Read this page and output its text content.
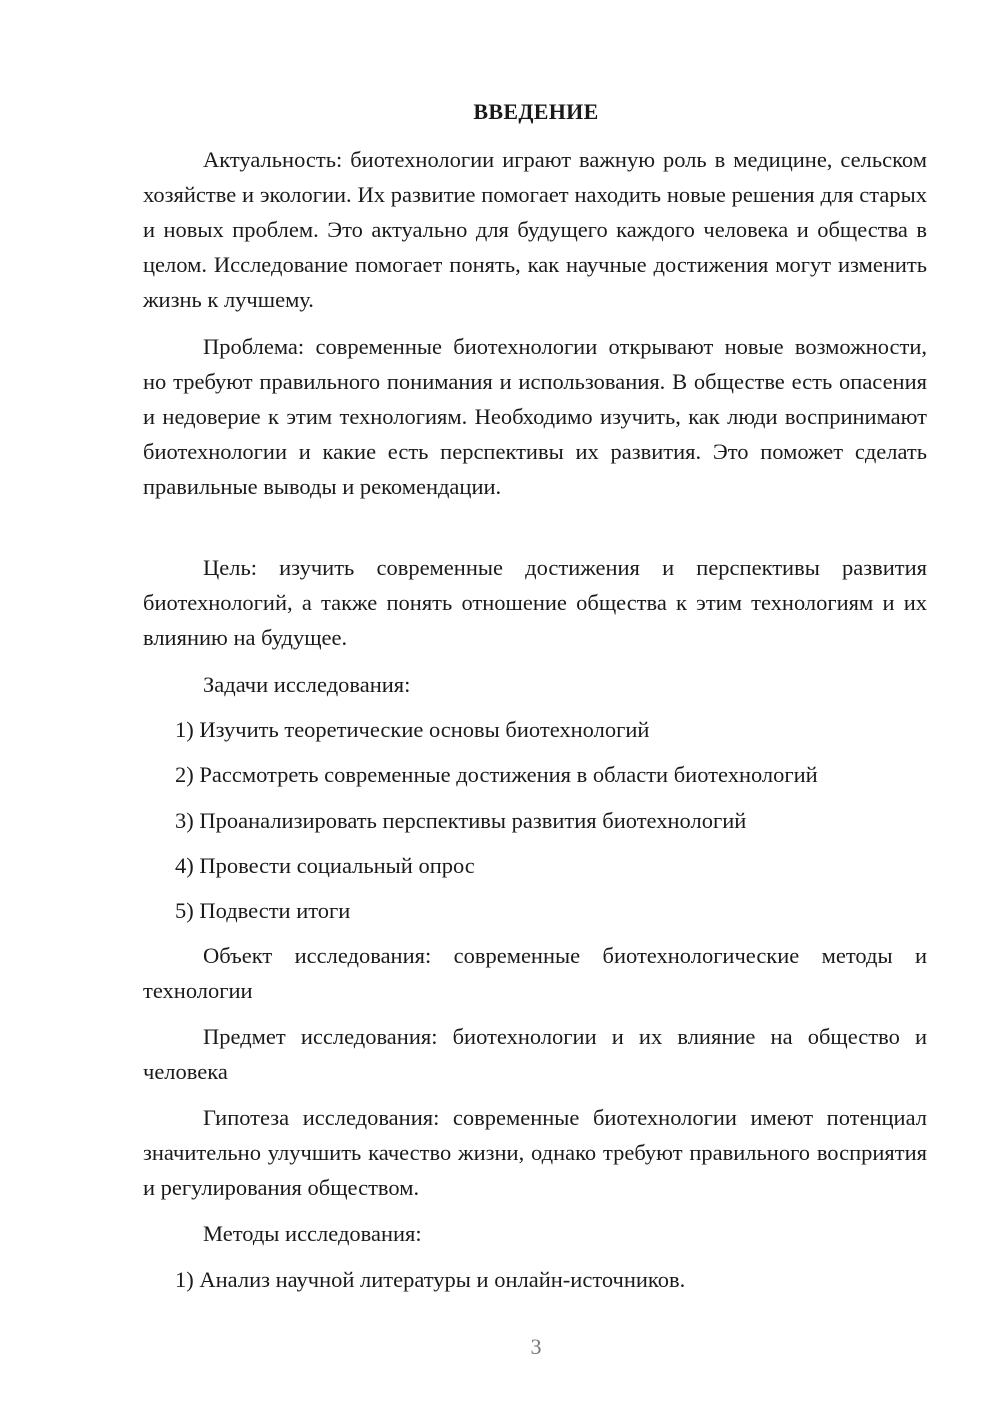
ВВЕДЕНИЕ

Актуальность: биотехнологии играют важную роль в медицине, сельском хозяйстве и экологии. Их развитие помогает находить новые решения для старых и новых проблем. Это актуально для будущего каждого человека и общества в целом. Исследование помогает понять, как научные достижения могут изменить жизнь к лучшему.

Проблема: современные биотехнологии открывают новые возможности, но требуют правильного понимания и использования. В обществе есть опасения и недоверие к этим технологиям. Необходимо изучить, как люди воспринимают биотехнологии и какие есть перспективы их развития. Это поможет сделать правильные выводы и рекомендации.

Цель: изучить современные достижения и перспективы развития биотехнологий, а также понять отношение общества к этим технологиям и их влиянию на будущее.

Задачи исследования:

1) Изучить теоретические основы биотехнологий

2) Рассмотреть современные достижения в области биотехнологий

3) Проанализировать перспективы развития биотехнологий

4) Провести социальный опрос

5) Подвести итоги

Объект исследования: современные биотехнологические методы и технологии

Предмет исследования: биотехнологии и их влияние на общество и человека

Гипотеза исследования: современные биотехнологии имеют потенциал значительно улучшить качество жизни, однако требуют правильного восприятия и регулирования обществом.

Методы исследования:

1) Анализ научной литературы и онлайн-источников.

3
